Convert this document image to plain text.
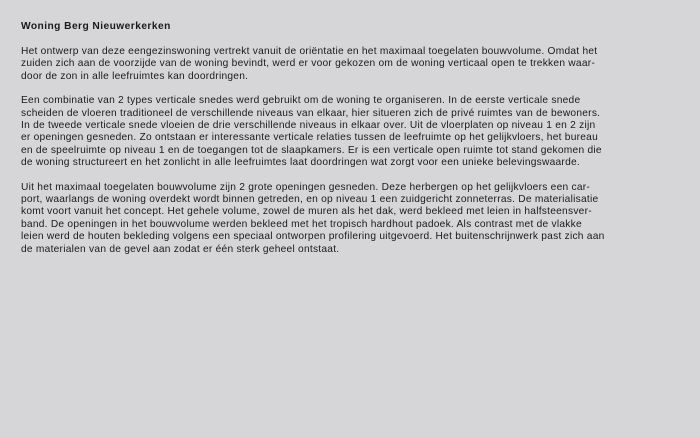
Woning Berg Nieuwerkerken
Het ontwerp van deze eengezinswoning vertrekt vanuit de oriëntatie en het maximaal toegelaten bouwvolume. Omdat het
zuiden zich aan de voorzijde van de woning bevindt, werd er voor gekozen om de woning verticaal open te trekken waar-
door de zon in alle leefruimtes kan doordringen.
Een combinatie van 2 types verticale snedes werd gebruikt om de woning te organiseren. In de eerste verticale snede
scheiden de vloeren traditioneel de verschillende niveaus van elkaar, hier situeren zich de privé ruimtes van de bewoners.
In de tweede verticale snede vloeien de drie verschillende niveaus in elkaar over. Uit de vloerplaten op niveau 1 en 2 zijn
er openingen gesneden. Zo ontstaan er interessante verticale relaties tussen de leefruimte op het gelijkvloers, het bureau
en de speelruimte op niveau 1 en de toegangen tot de slaapkamers. Er is een verticale open ruimte tot stand gekomen die
de woning structureert en het zonlicht in alle leefruimtes laat doordringen wat zorgt voor een unieke belevingswaarde.
Uit het maximaal toegelaten bouwvolume zijn 2 grote openingen gesneden. Deze herbergen op het gelijkvloers een car-
port, waarlangs de woning overdekt wordt binnen getreden, en op niveau 1 een zuidgericht zonneterras. De materialisatie
komt voort vanuit het concept. Het gehele volume, zowel de muren als het dak, werd bekleed met leien in halfsteensver-
band. De openingen in het bouwvolume werden bekleed met het tropisch hardhout padoek. Als contrast met de vlakke
leien werd de houten bekleding volgens een speciaal ontworpen profilering uitgevoerd. Het buitenschrijnwerk past zich aan
de materialen van de gevel aan zodat er één sterk geheel ontstaat.
